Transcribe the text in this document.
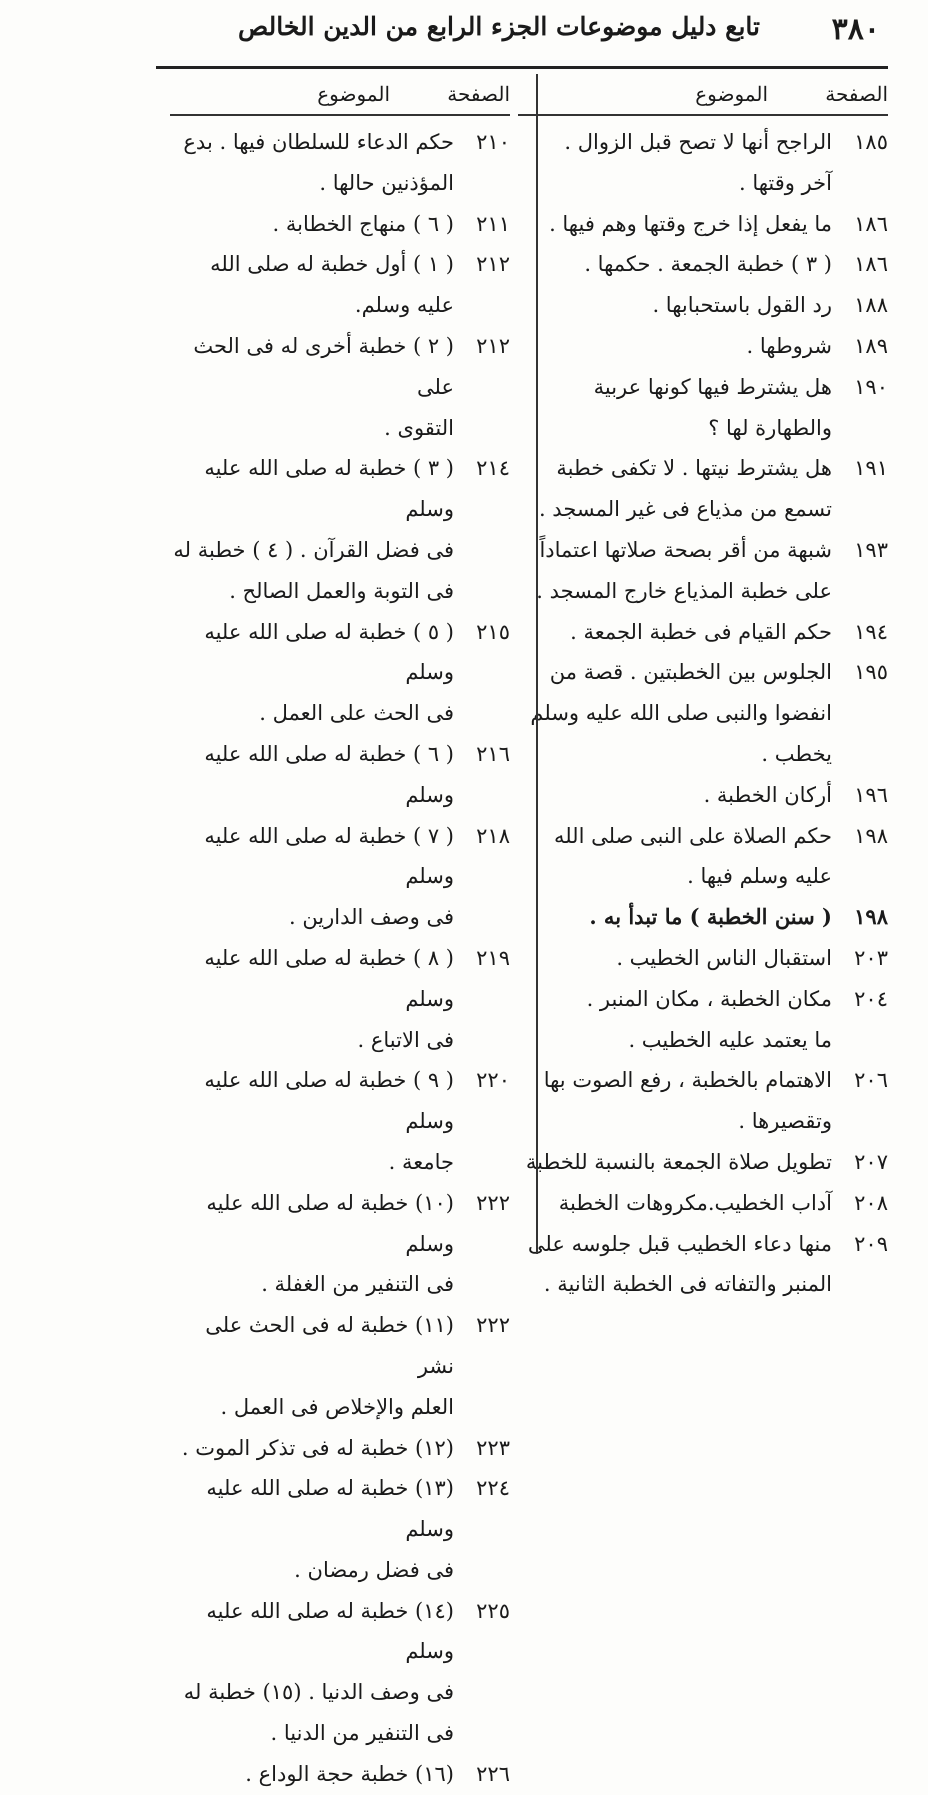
٣٨٠
تابع دليل موضوعات الجزء الرابع من الدين الخالص
الصفحة
الموضوع
١٨٥
الراجح أنها لا تصح قبل الزوال .
آخر وقتها .
١٨٦
ما يفعل إذا خرج وقتها وهم فيها .
١٨٦
( ٣ ) خطبة الجمعة . حكمها .
١٨٨
رد القول باستحبابها .
١٨٩
شروطها .
١٩٠
هل يشترط فيها كونها عربية
والطهارة لها ؟
١٩١
هل يشترط نيتها . لا تكفى خطبة
تسمع من مذياع فى غير المسجد .
١٩٣
شبهة من أقر بصحة صلاتها اعتماداً
على خطبة المذياع خارج المسجد .
١٩٤
حكم القيام فى خطبة الجمعة .
١٩٥
الجلوس بين الخطبتين . قصة من
انفضوا والنبى صلى الله عليه وسلم
يخطب .
١٩٦
أركان الخطبة .
١٩٨
حكم الصلاة على النبى صلى الله
عليه وسلم فيها .
١٩٨
( سنن الخطبة ) ما تبدأ به .
٢٠٣
استقبال الناس الخطيب .
٢٠٤
مكان الخطبة ، مكان المنبر .
ما يعتمد عليه الخطيب .
٢٠٦
الاهتمام بالخطبة ، رفع الصوت بها
وتقصيرها .
٢٠٧
تطويل صلاة الجمعة بالنسبة للخطبة
٢٠٨
آداب الخطيب.مكروهات الخطبة
٢٠٩
منها دعاء الخطيب قبل جلوسه على
المنبر والتفاته فى الخطبة الثانية .
الصفحة
الموضوع
٢١٠
حكم الدعاء للسلطان فيها . بدع
المؤذنين حالها .
٢١١
( ٦ ) منهاج الخطابة .
٢١٢
( ١ ) أول خطبة له صلى الله عليه وسلم.
٢١٢
( ٢ ) خطبة أخرى له فى الحث على
التقوى .
٢١٤
( ٣ ) خطبة له صلى الله عليه وسلم
فى فضل القرآن . ( ٤ ) خطبة له
فى التوبة والعمل الصالح .
٢١٥
( ٥ ) خطبة له صلى الله عليه وسلم
فى الحث على العمل .
٢١٦
( ٦ ) خطبة له صلى الله عليه وسلم
٢١٨
( ٧ ) خطبة له صلى الله عليه وسلم
فى وصف الدارين .
٢١٩
( ٨ ) خطبة له صلى الله عليه وسلم
فى الاتباع .
٢٢٠
( ٩ ) خطبة له صلى الله عليه وسلم
جامعة .
٢٢٢
(١٠) خطبة له صلى الله عليه وسلم
فى التنفير من الغفلة .
٢٢٢
(١١) خطبة له فى الحث على نشر
العلم والإخلاص فى العمل .
٢٢٣
(١٢) خطبة له فى تذكر الموت .
٢٢٤
(١٣) خطبة له صلى الله عليه وسلم
فى فضل رمضان .
٢٢٥
(١٤) خطبة له صلى الله عليه وسلم
فى وصف الدنيا . (١٥) خطبة له
فى التنفير من الدنيا .
٢٢٦
(١٦) خطبة حجة الوداع .
